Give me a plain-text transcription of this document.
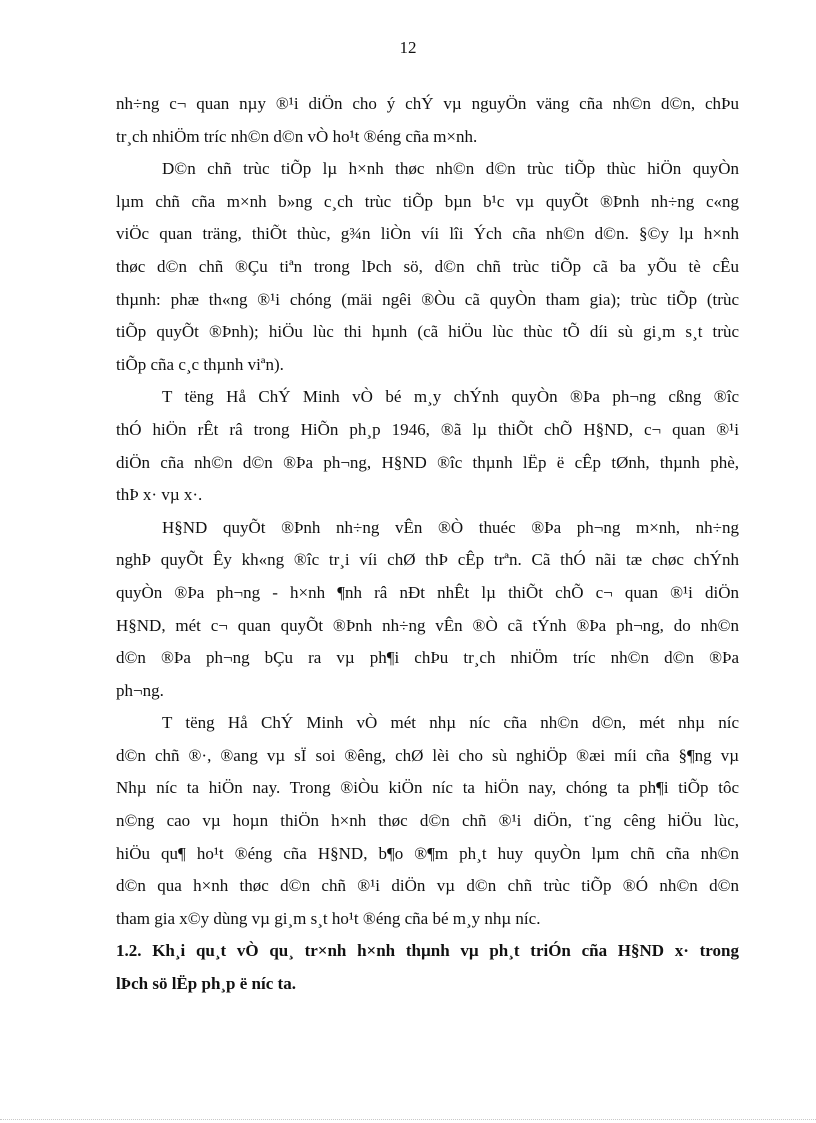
12
nh÷ng c¬ quan nµy ®¹i diÖn cho ý chÝ vµ nguyÖn väng cña nh©n d©n, chÞu
tr¸ch nhiÖm tríc nh©n d©n vÒ ho¹t ®éng cña m×nh.
D©n chñ trùc tiÕp lµ h×nh thøc nh©n d©n trùc tiÕp thùc hiÖn quyÒn
lµm chñ cña m×nh b»ng c¸ch trùc tiÕp bµn b¹c vµ quyÕt ®Þnh nh÷ng c«ng
viÖc quan träng, thiÕt thùc, g¾n liÒn víi lîi Ých cña nh©n d©n. §©y lµ h×nh
thøc d©n chñ ®Çu tiªn trong lÞch sö, d©n chñ trùc tiÕp cã ba yÕu tè cÊu
thµnh: phæ th«ng ®¹i chóng (mäi ngêi ®Òu cã quyÒn tham gia); trùc tiÕp (trùc
tiÕp quyÕt ®Þnh); hiÖu lùc thi hµnh (cã hiÖu lùc thùc tÕ díi sù gi¸m s¸t trùc
tiÕp cña c¸c thµnh viªn).
T tëng Hå ChÝ Minh vÒ bé m¸y chÝnh quyÒn ®Þa ph¬ng cßng ®îc
thÓ hiÖn rÊt râ trong HiÕn ph¸p 1946, ®ã lµ thiÕt chÕ H§ND, c¬ quan ®¹i
diÖn cña nh©n d©n ®Þa ph¬ng, H§ND ®îc thµnh lËp ë cÊp tØnh, thµnh phè,
thÞ x· vµ x·.
H§ND quyÕt ®Þnh nh÷ng vÊn ®Ò thuéc ®Þa ph¬ng m×nh, nh÷ng
nghÞ quyÕt Êy kh«ng ®îc tr¸i víi chØ thÞ cÊp trªn. Cã thÓ nãi tæ chøc chÝnh
quyÒn ®Þa ph¬ng - h×nh ¶nh râ nÐt nhÊt lµ thiÕt chÕ c¬ quan ®¹i diÖn
H§ND, mét c¬ quan quyÕt ®Þnh nh÷ng vÊn ®Ò cã tÝnh ®Þa ph¬ng, do nh©n
d©n ®Þa ph¬ng bÇu ra vµ ph¶i chÞu tr¸ch nhiÖm tríc nh©n d©n ®Þa
ph¬ng.
T tëng Hå ChÝ Minh vÒ mét nhµ níc cña nh©n d©n, mét nhµ níc
d©n chñ ®·, ®ang vµ sÏ soi ®êng, chØ lèi cho sù nghiÖp ®æi míi cña §¶ng vµ
Nhµ níc ta hiÖn nay. Trong ®iÒu kiÖn níc ta hiÖn nay, chóng ta ph¶i tiÕp tôc
n©ng cao vµ hoµn thiÖn h×nh thøc d©n chñ ®¹i diÖn, t¨ng cêng hiÖu lùc,
hiÖu qu¶ ho¹t ®éng cña H§ND, b¶o ®¶m ph¸t huy quyÒn lµm chñ cña nh©n
d©n qua h×nh thøc d©n chñ ®¹i diÖn vµ d©n chñ trùc tiÕp ®Ó nh©n d©n
tham gia x©y dùng vµ gi¸m s¸t ho¹t ®éng cña bé m¸y nhµ níc.
1.2. Kh¸i qu¸t vÒ qu¸ tr×nh h×nh thµnh vµ ph¸t triÓn cña H§ND x· trong
lÞch sö lËp ph¸p ë níc ta.
